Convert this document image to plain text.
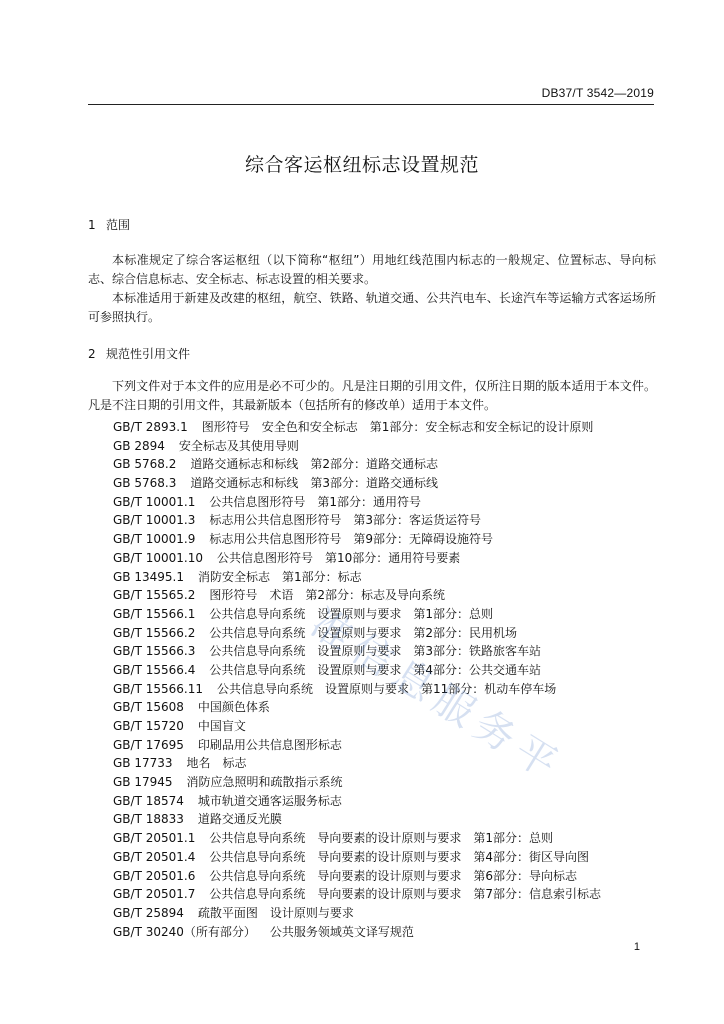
DB37/T 3542—2019
综合客运枢纽标志设置规范
1 范围

本标准规定了综合客运枢纽（以下简称“枢纽”）用地红线范围内标志的一般规定、位置标志、导向标志、综合信息标志、安全标志、标志设置的相关要求。

本标准适用于新建及改建的枢纽，航空、铁路、轨道交通、公共汽电车、长途汽车等运输方式客运场所可参照执行。

2 规范性引用文件

下列文件对于本文件的应用是必不可少的。凡是注日期的引用文件，仅所注日期的版本适用于本文件。凡是不注日期的引用文件，其最新版本（包括所有的修改单）适用于本文件。

GB/T 2893.1 图形符号　安全色和安全标志　第1部分：安全标志和安全标记的设计原则
GB 2894 安全标志及其使用导则
GB 5768.2 道路交通标志和标线　第2部分：道路交通标志
GB 5768.3 道路交通标志和标线　第3部分：道路交通标线
GB/T 10001.1 公共信息图形符号　第1部分：通用符号
GB/T 10001.3 标志用公共信息图形符号　第3部分：客运货运符号
GB/T 10001.9 标志用公共信息图形符号　第9部分：无障碍设施符号
GB/T 10001.10 公共信息图形符号　第10部分：通用符号要素
GB 13495.1 消防安全标志　第1部分：标志
GB/T 15565.2 图形符号　术语　第2部分：标志及导向系统
GB/T 15566.1 公共信息导向系统　设置原则与要求　第1部分：总则
GB/T 15566.2 公共信息导向系统　设置原则与要求　第2部分：民用机场
GB/T 15566.3 公共信息导向系统　设置原则与要求　第3部分：铁路旅客车站
GB/T 15566.4 公共信息导向系统　设置原则与要求　第4部分：公共交通车站
GB/T 15566.11 公共信息导向系统　设置原则与要求　第11部分：机动车停车场
GB/T 15608 中国颜色体系
GB/T 15720 中国盲文
GB/T 17695 印刷品用公共信息图形标志
GB 17733 地名　标志
GB 17945 消防应急照明和疏散指示系统
GB/T 18574 城市轨道交通客运服务标志
GB/T 18833 道路交通反光膜
GB/T 20501.1 公共信息导向系统　导向要素的设计原则与要求　第1部分：总则
GB/T 20501.4 公共信息导向系统　导向要素的设计原则与要求　第4部分：街区导向图
GB/T 20501.6 公共信息导向系统　导向要素的设计原则与要求　第6部分：导向标志
GB/T 20501.7 公共信息导向系统　导向要素的设计原则与要求　第7部分：信息索引标志
GB/T 25894 疏散平面图　设计原则与要求
GB/T 30240（所有部分） 公共服务领域英文译写规范
1
准
信
息
服
务
平
